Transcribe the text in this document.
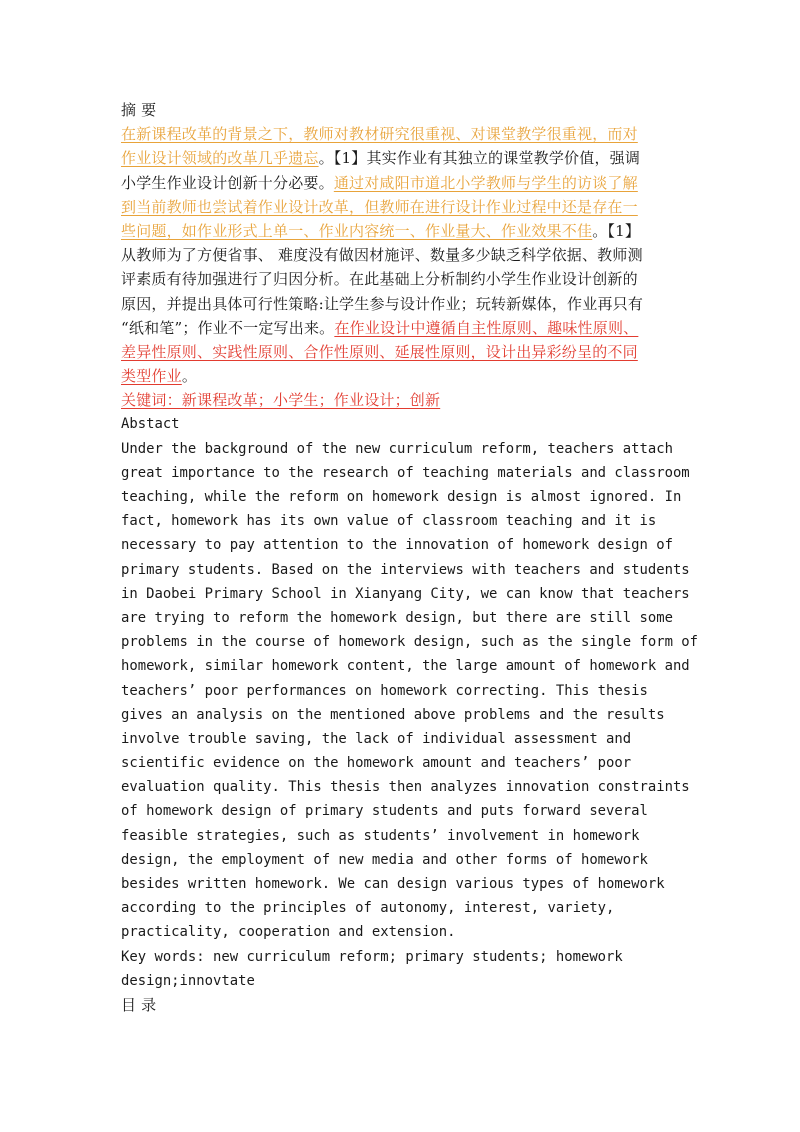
摘 要
在新课程改革的背景之下，教师对教材研究很重视、对课堂教学很重视，而对
作业设计领域的改革几乎遗忘。【1】其实作业有其独立的课堂教学价值，强调
小学生作业设计创新十分必要。通过对咸阳市道北小学教师与学生的访谈了解
到当前教师也尝试着作业设计改革，但教师在进行设计作业过程中还是存在一
些问题，如作业形式上单一、作业内容统一、作业量大、作业效果不佳。【1】
从教师为了方便省事、 难度没有做因材施评、数量多少缺乏科学依据、教师测
评素质有待加强进行了归因分析。在此基础上分析制约小学生作业设计创新的
原因，并提出具体可行性策略:让学生参与设计作业；玩转新媒体，作业再只有
“纸和笔”；作业不一定写出来。在作业设计中遵循自主性原则、趣味性原则、
差异性原则、实践性原则、合作性原则、延展性原则，设计出异彩纷呈的不同
类型作业。
关键词：新课程改革；小学生；作业设计；创新
Abstact
Under the background of the new curriculum reform, teachers attach
great importance to the research of teaching materials and classroom
teaching, while the reform on homework design is almost ignored. In
fact, homework has its own value of classroom teaching and it is
necessary to pay attention to the innovation of homework design of
primary students. Based on the interviews with teachers and students
in Daobei Primary School in Xianyang City, we can know that teachers
are trying to reform the homework design, but there are still some
problems in the course of homework design, such as the single form of
homework, similar homework content, the large amount of homework and
teachers’ poor performances on homework correcting. This thesis
gives an analysis on the mentioned above problems and the results
involve trouble saving, the lack of individual assessment and
scientific evidence on the homework amount and teachers’ poor
evaluation quality. This thesis then analyzes innovation constraints
of homework design of primary students and puts forward several
feasible strategies, such as students’ involvement in homework
design, the employment of new media and other forms of homework
besides written homework. We can design various types of homework
according to the principles of autonomy, interest, variety,
practicality, cooperation and extension.
Key words: new curriculum reform; primary students; homework
design;innovtate
目 录
